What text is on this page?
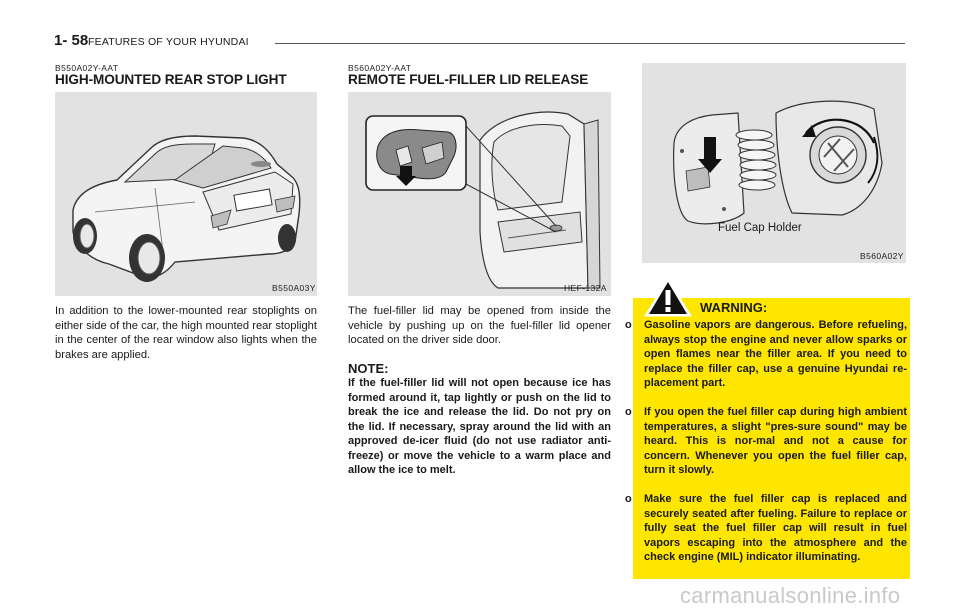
1- 58 FEATURES OF YOUR HYUNDAI
B550A02Y-AAT
HIGH-MOUNTED REAR STOP LIGHT
B550A03Y
In addition to the lower-mounted rear stoplights on either side of the car, the high mounted rear stoplight in the center of the rear window also lights when the brakes are applied.
B560A02Y-AAT
REMOTE FUEL-FILLER LID RELEASE
HEF-132A
The fuel-filler lid may be opened from inside the vehicle by pushing up on the fuel-filler lid opener located on the driver side door.
NOTE:
If the fuel-filler lid will not open because ice has formed around it, tap lightly or push on the lid to break the ice and release the lid. Do not pry on the lid. If necessary, spray around the lid with an approved de-icer fluid (do not use radiator anti-freeze) or move the vehicle to a warm place and allow the ice to melt.
Fuel Cap Holder
B560A02Y
WARNING:
o Gasoline vapors are dangerous. Before refueling, always stop the engine and never allow sparks or open flames near the filler area. If you need to replace the filler cap, use a genuine Hyundai re-placement part.
o If you open the fuel filler cap during high ambient temperatures, a slight "pres-sure sound" may be heard. This is nor-mal and not a cause for concern. Whenever you open the fuel filler cap, turn it slowly.
o Make sure the fuel filler cap is replaced and securely seated after fueling. Failure to replace or fully seat the fuel filler cap will result in fuel vapors escaping into the atmosphere and the check engine (MIL) indicator illuminating.
carmanualsonline.info
